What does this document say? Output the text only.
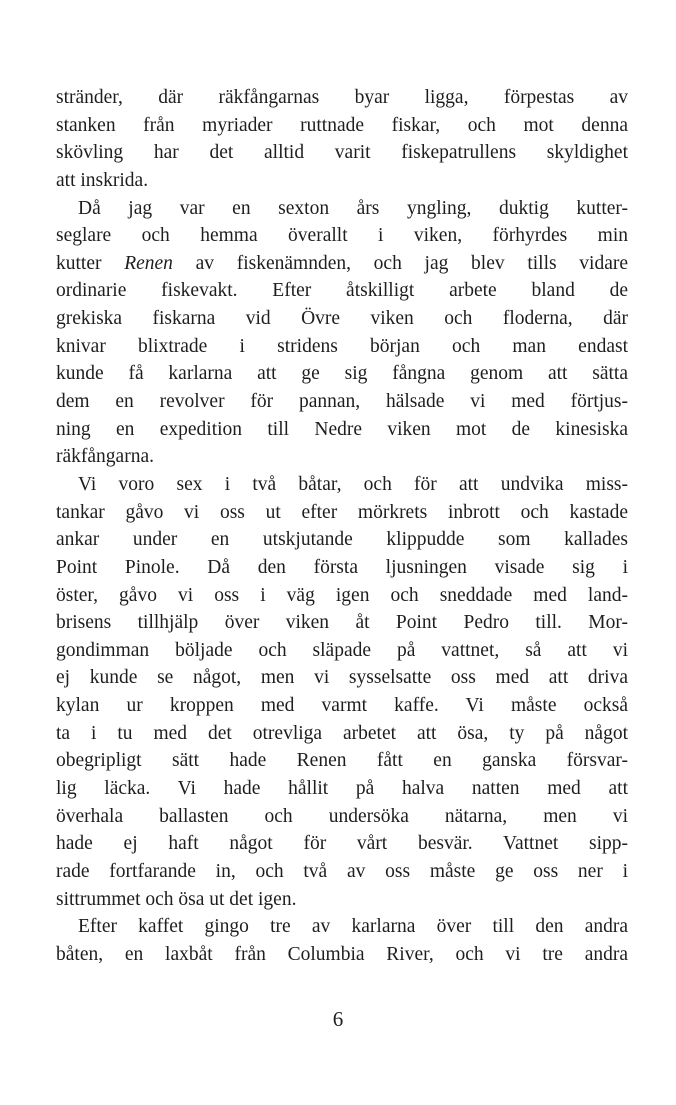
stränder, där räkfångarnas byar ligga, förpestas av
stanken från myriader ruttnade fiskar, och mot denna
skövling har det alltid varit fiskepatrullens skyldighet
att inskrida.
Då jag var en sexton års yngling, duktig kutter-
seglare och hemma överallt i viken, förhyrdes min
kutter Renen av fiskenämnden, och jag blev tills vidare
ordinarie fiskevakt. Efter åtskilligt arbete bland de
grekiska fiskarna vid Övre viken och floderna, där
knivar blixtrade i stridens början och man endast
kunde få karlarna att ge sig fångna genom att sätta
dem en revolver för pannan, hälsade vi med förtjus-
ning en expedition till Nedre viken mot de kinesiska
räkfångarna.
Vi voro sex i två båtar, och för att undvika miss-
tankar gåvo vi oss ut efter mörkrets inbrott och kastade
ankar under en utskjutande klippudde som kallades
Point Pinole. Då den första ljusningen visade sig i
öster, gåvo vi oss i väg igen och sneddade med land-
brisens tillhjälp över viken åt Point Pedro till. Mor-
gondimman böljade och släpade på vattnet, så att vi
ej kunde se något, men vi sysselsatte oss med att driva
kylan ur kroppen med varmt kaffe. Vi måste också
ta i tu med det otrevliga arbetet att ösa, ty på något
obegripligt sätt hade Renen fått en ganska försvar-
lig läcka. Vi hade hållit på halva natten med att
överhala ballasten och undersöka nätarna, men vi
hade ej haft något för vårt besvär. Vattnet sipp-
rade fortfarande in, och två av oss måste ge oss ner i
sittrummet och ösa ut det igen.
Efter kaffet gingo tre av karlarna över till den andra
båten, en laxbåt från Columbia River, och vi tre andra
6
